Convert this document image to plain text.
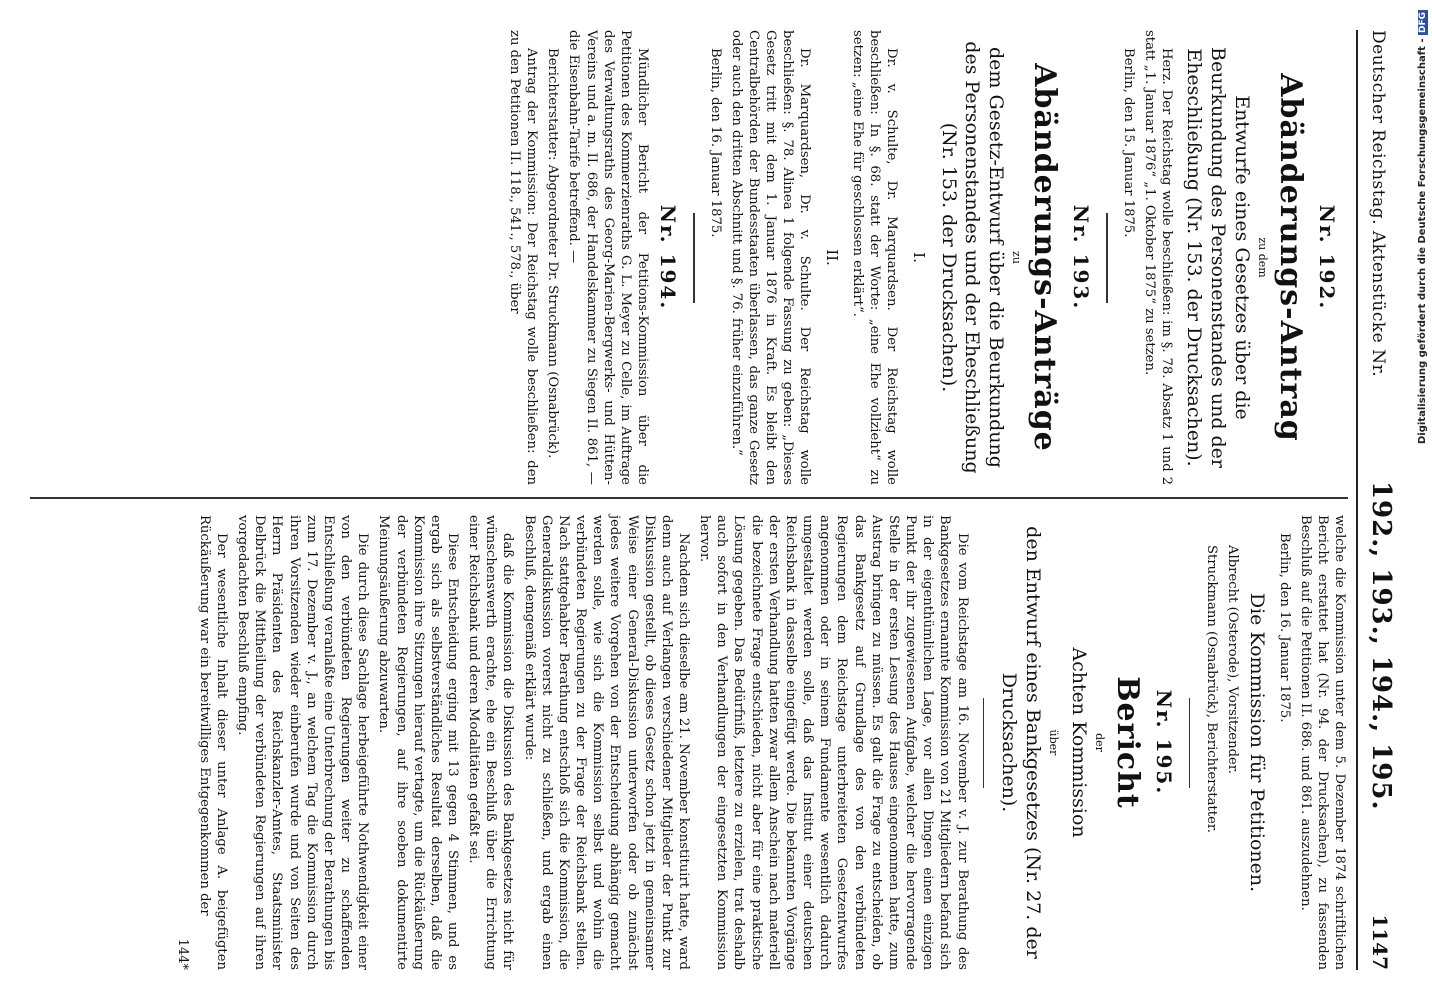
Deutscher Reichstag. Aktenstücke Nr.
192., 193., 194., 195.
1147
Nr. 192.
Abänderungs-Antrag
zu dem
Entwurfe eines Gesetzes über die Beurkundung des Personenstandes und der Eheschließung (Nr. 153. der Drucksachen).

Herz. Der Reichstag wolle beschließen: im §. 78. Absatz 1 und 2 statt „1. Januar 1876“ „1. Oktober 1875“ zu setzen.

Berlin, den 15. Januar 1875.

Nr. 193.
Abänderungs-Anträge
zu
dem Gesetz-Entwurf über die Beurkundung des Personenstandes und der Eheschließung (Nr. 153. der Drucksachen).
I.

Dr. v. Schulte, Dr. Marquardsen. Der Reichstag wolle beschließen: In §. 68. statt der Worte: „eine Ehe vollzieht“ zu setzen: „eine Ehe für geschlossen erklärt“.

II.

Dr. Marquardsen, Dr. v. Schulte. Der Reichstag wolle beschließen: §. 78. Alinea 1 folgende Fassung zu geben: „Dieses Gesetz tritt mit dem 1. Januar 1876 in Kraft. Es bleibt den Centralbehörden der Bundesstaaten überlassen, das ganze Gesetz oder auch den dritten Abschnitt und §. 76. früher einzuführen.“

Berlin, den 16. Januar 1875.

Nr. 194.

Mündlicher Bericht der Petitions-Kommission über die Petitionen des Kommerzienraths G. L. Meyer zu Celle, im Auftrage des Verwaltungsraths des Georg-Marien-Bergwerks- und Hütten-Vereins und a. m. II. 686, der Handelskammer zu Siegen II. 861, — die Eisenbahn-Tarife betreffend. —

Berichterstatter: Abgeordneter Dr. Struckmann (Osnabrück).

Antrag der Kommission: Der Reichstag wolle beschließen: den zu den Petitionen II. 118., 541., 578., über

welche die Kommission unter dem 5. Dezember 1874 schriftlichen Bericht erstattet hat (Nr. 94. der Drucksachen), zu fassenden Beschluß auf die Petitionen II. 686. und 861. auszudehnen.

Berlin, den 16. Januar 1875.

Die Kommission für Petitionen.

Albrecht (Osterode), Vorsitzender.

Struckmann (Osnabrück), Berichterstatter.

Nr. 195.
Bericht
der
Achten Kommission
über
den Entwurf eines Bankgesetzes (Nr. 27. der Drucksachen).

Die vom Reichstage am 16. November v. J. zur Berathung des Bankgesetzes ernannte Kommission von 21 Mitgliedern befand sich in der eigenthümlichen Lage, vor allen Dingen einen einzigen Punkt der ihr zugewiesenen Aufgabe, welcher die hervorragende Stelle in der ersten Lesung des Hauses eingenommen hatte, zum Austrag bringen zu müssen. Es galt die Frage zu entscheiden, ob das Bankgesetz auf Grundlage des von den verbündeten Regierungen dem Reichstage unterbreiteten Gesetzentwurfes angenommen oder in seinem Fundamente wesentlich dadurch umgestaltet werden solle, daß das Institut einer deutschen Reichsbank in dasselbe eingefügt werde. Die bekannten Vorgänge der ersten Verhandlung hatten zwar allem Anschein nach materiell die bezeichnete Frage entschieden, nicht aber für eine praktische Lösung gegeben. Das Bedürfniß, letztere zu erzielen, trat deshalb auch sofort in den Verhandlungen der eingesetzten Kommission hervor.

Nachdem sich dieselbe am 21. November konstituirt hatte, ward denn auch auf Verlangen verschiedener Mitglieder der Punkt zur Diskussion gestellt, ob dieses Gesetz schon jetzt in gemeinsamer Weise einer General-Diskussion unterworfen oder ob zunächst jedes weitere Vorgehen von der Entscheidung abhängig gemacht werden solle, wie sich die Kommission selbst und wohin die verbündeten Regierungen zu der Frage der Reichsbank stellen. Nach stattgehabter Berathung entschloß sich die Kommission, die Generaldiskussion vorerst nicht zu schließen, und ergab einen Beschluß, demgemäß erklärt wurde:

daß die Kommission die Diskussion des Bankgesetzes nicht für wünschenswerth erachte, ehe ein Beschluß über die Errichtung einer Reichsbank und deren Modalitäten gefaßt sei.

Diese Entscheidung erging mit 13 gegen 4 Stimmen, und es ergab sich als selbstverständliches Resultat derselben, daß die Kommission ihre Sitzungen hierauf vertagte, um die Rückäußerung der verbündeten Regierungen, auf ihre soeben dokumentirte Meinungsäußerung abzuwarten.

Die durch diese Sachlage herbeigeführte Nothwendigkeit einer von den verbündeten Regierungen weiter zu schaffenden Entschließung veranlaßte eine Unterbrechung der Berathungen bis zum 17. Dezember v. J., an welchem Tag die Kommission durch ihren Vorsitzenden wieder einberufen wurde und von Seiten des Herrn Präsidenten des Reichskanzler-Amtes, Staatsminister Delbrück die Mittheilung der verbündeten Regierungen auf ihren vorgedachten Beschluß empfing.

Der wesentliche Inhalt dieser unter Anlage A. beigefügten Rückäußerung war ein bereitwilliges Entgegenkommen der

144*
Digitalisierung gefördert durch die Deutsche Forschungsgemeinschaft - DFG
